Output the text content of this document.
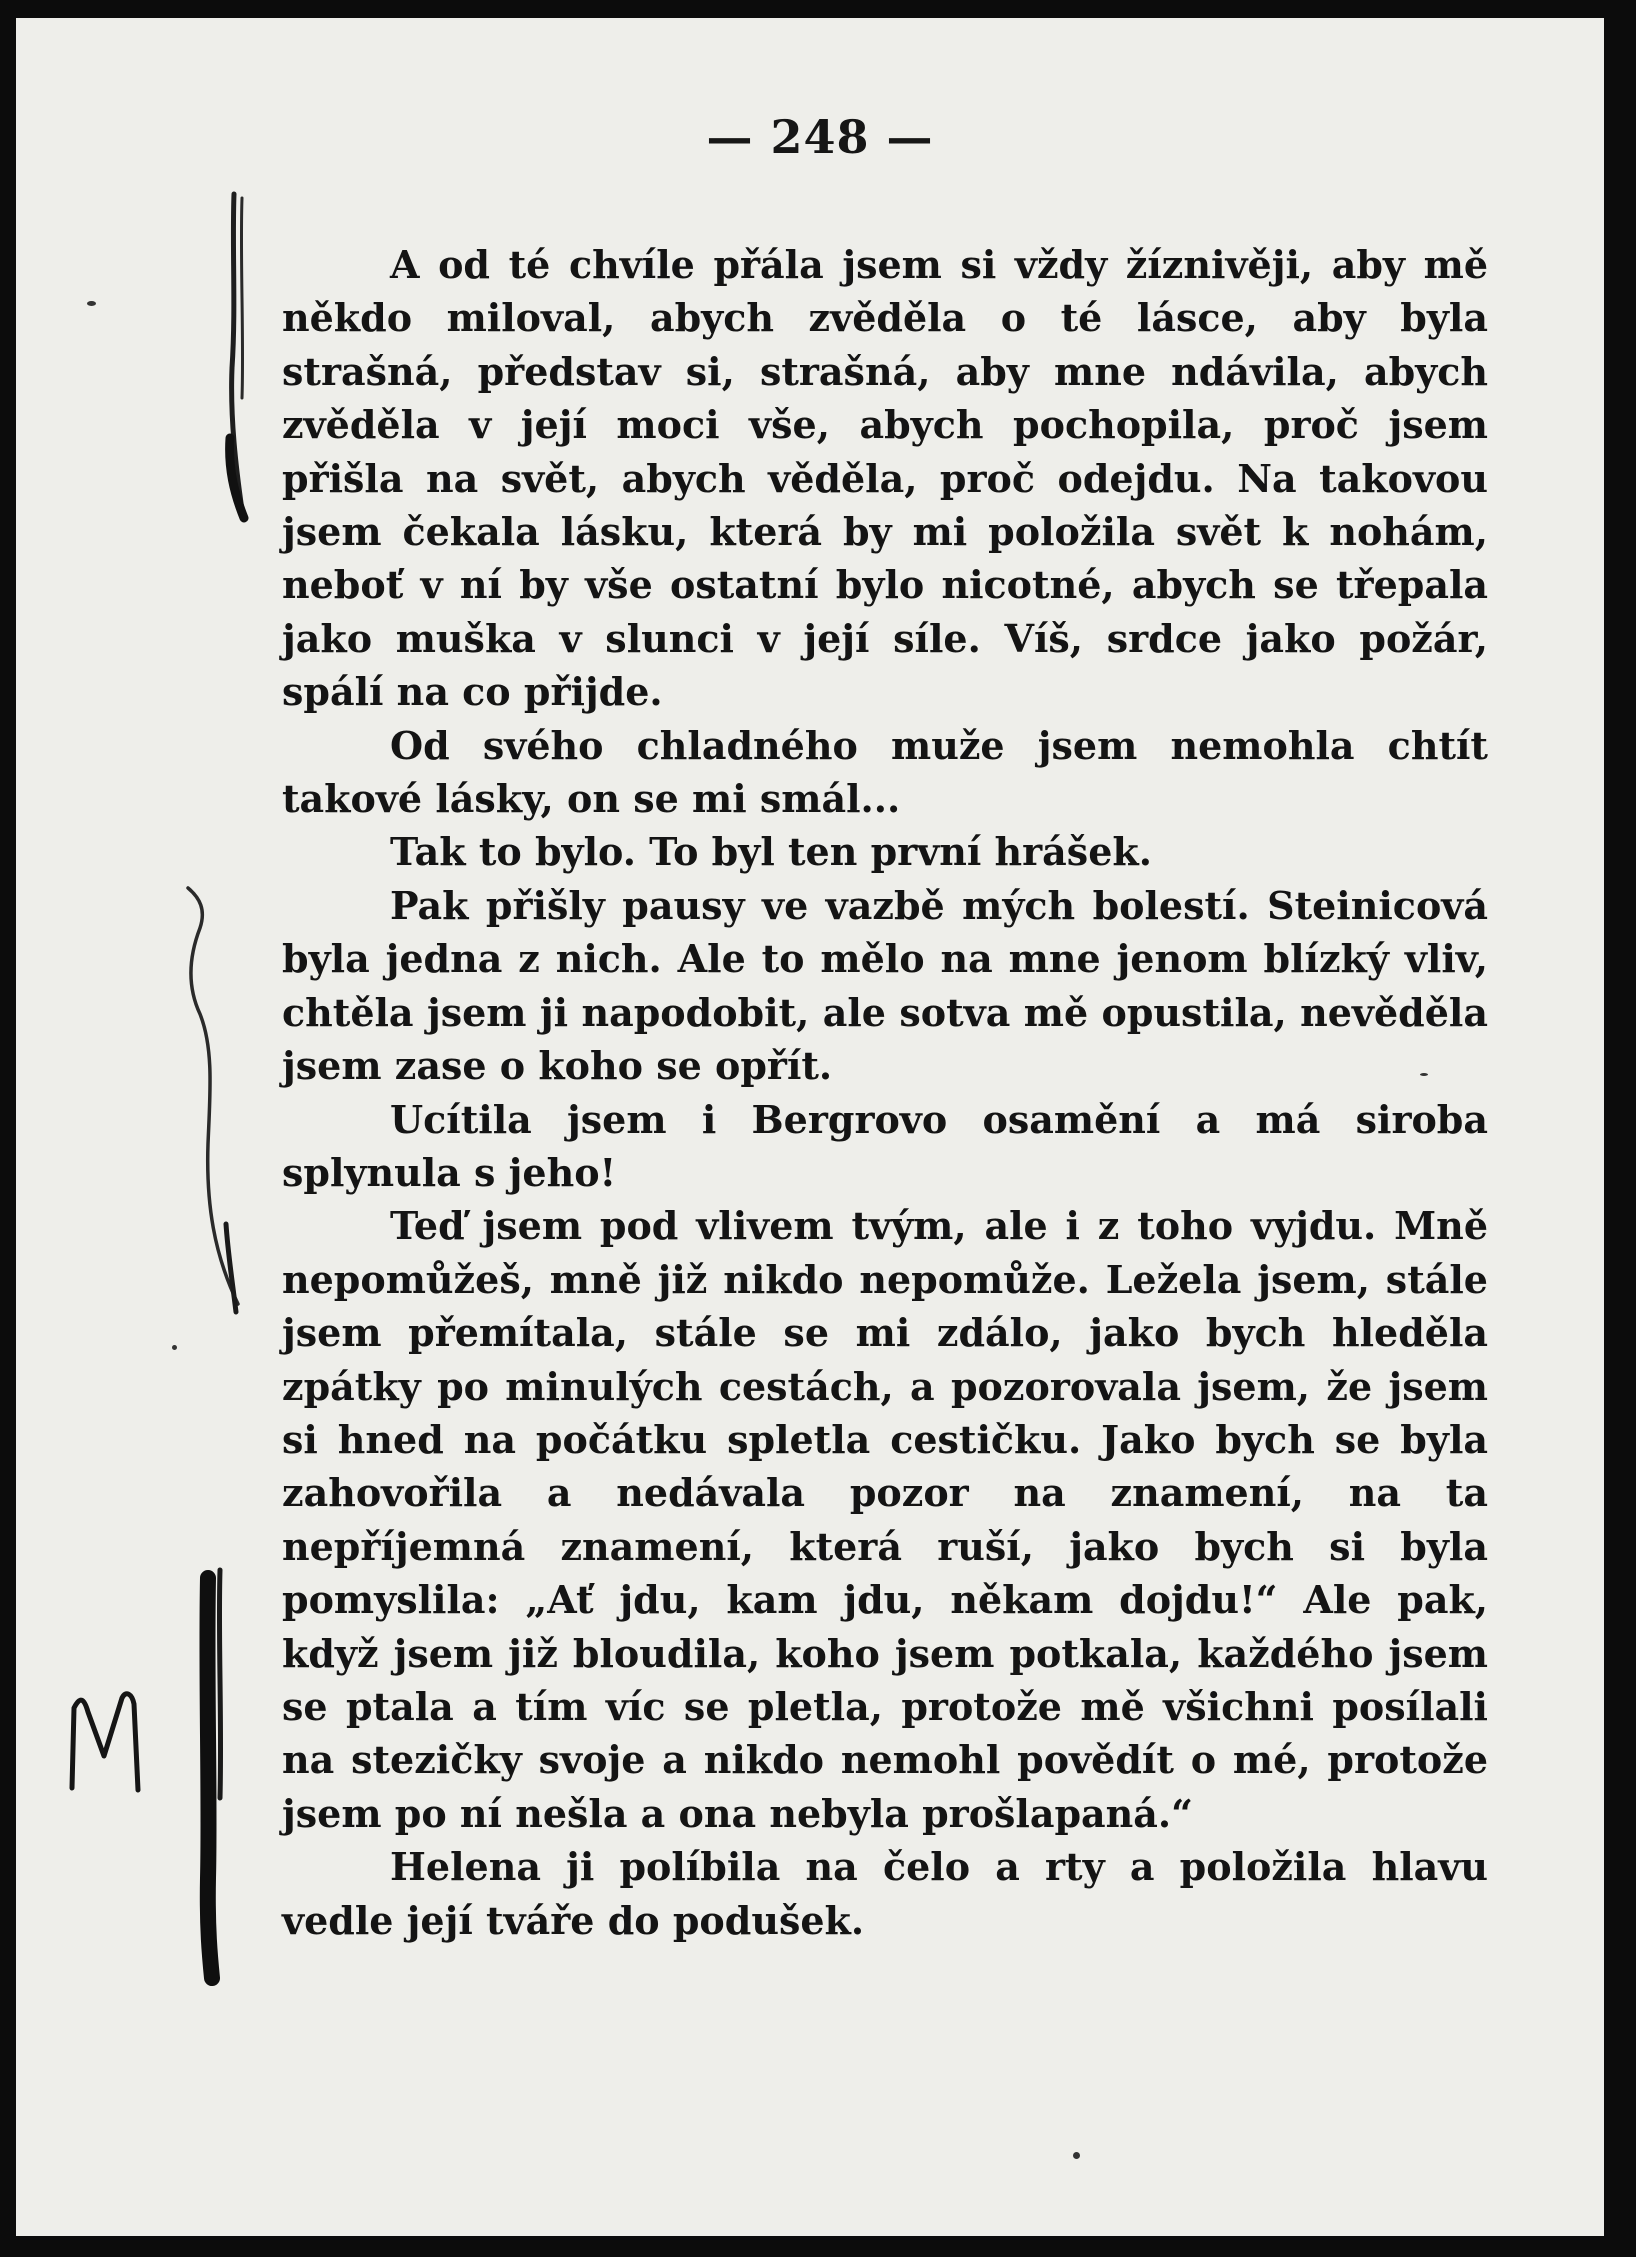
— 248 —

A od té chvíle přála jsem si vždy žíznivěji, aby mě někdo miloval, abych zvěděla o té lásce, aby byla strašná, představ si, strašná, aby mne ndávila, abych zvěděla v její moci vše, abych pochopila, proč jsem přišla na svět, abych věděla, proč odejdu. Na takovou jsem čekala lásku, která by mi položila svět k nohám, neboť v ní by vše ostatní bylo nicotné, abych se třepala jako muška v slunci v její síle. Víš, srdce jako požár, spálí na co přijde.

Od svého chladného muže jsem nemohla chtít takové lásky, on se mi smál...

Tak to bylo. To byl ten první hrášek.

Pak přišly pausy ve vazbě mých bolestí. Steinicová byla jedna z nich. Ale to mělo na mne jenom blízký vliv, chtěla jsem ji napodobit, ale sotva mě opustila, nevěděla jsem zase o koho se opřít.

Ucítila jsem i Bergrovo osamění a má siroba splynula s jeho!

Teď jsem pod vlivem tvým, ale i z toho vyjdu. Mně nepomůžeš, mně již nikdo nepomůže. Ležela jsem, stále jsem přemítala, stále se mi zdálo, jako bych hleděla zpátky po minulých cestách, a pozorovala jsem, že jsem si hned na počátku spletla cestičku. Jako bych se byla zahovořila a nedávala pozor na znamení, na ta nepříjemná znamení, která ruší, jako bych si byla pomyslila: „Ať jdu, kam jdu, někam dojdu!“ Ale pak, když jsem již bloudila, koho jsem potkala, každého jsem se ptala a tím víc se pletla, protože mě všichni posílali na stezičky svoje a nikdo nemohl povědít o mé, protože jsem po ní nešla a ona nebyla prošlapaná.“

Helena ji políbila na čelo a rty a položila hlavu vedle její tváře do podušek.
